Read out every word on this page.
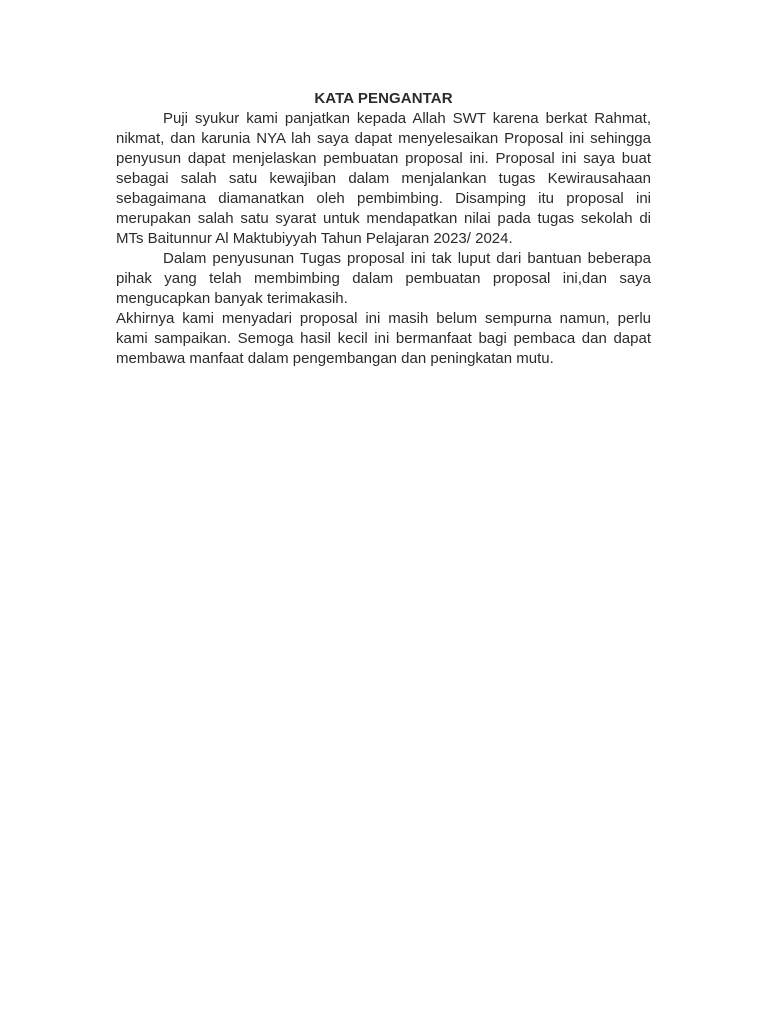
KATA PENGANTAR

Puji syukur kami panjatkan kepada Allah SWT karena berkat Rahmat, nikmat, dan karunia NYA lah saya dapat menyelesaikan Proposal ini sehingga penyusun dapat menjelaskan pembuatan proposal ini. Proposal ini saya buat sebagai salah satu kewajiban dalam menjalankan tugas Kewirausahaan sebagaimana diamanatkan oleh pembimbing. Disamping itu proposal ini merupakan salah satu syarat untuk mendapatkan nilai pada tugas sekolah di MTs Baitunnur Al Maktubiyyah Tahun Pelajaran 2023/ 2024.

Dalam penyusunan Tugas proposal ini tak luput dari bantuan beberapa pihak yang telah membimbing dalam pembuatan proposal ini,dan saya mengucapkan banyak terimakasih.

Akhirnya kami menyadari proposal ini masih belum sempurna namun, perlu kami sampaikan. Semoga hasil kecil ini bermanfaat bagi pembaca dan dapat membawa manfaat dalam pengembangan dan peningkatan mutu.
